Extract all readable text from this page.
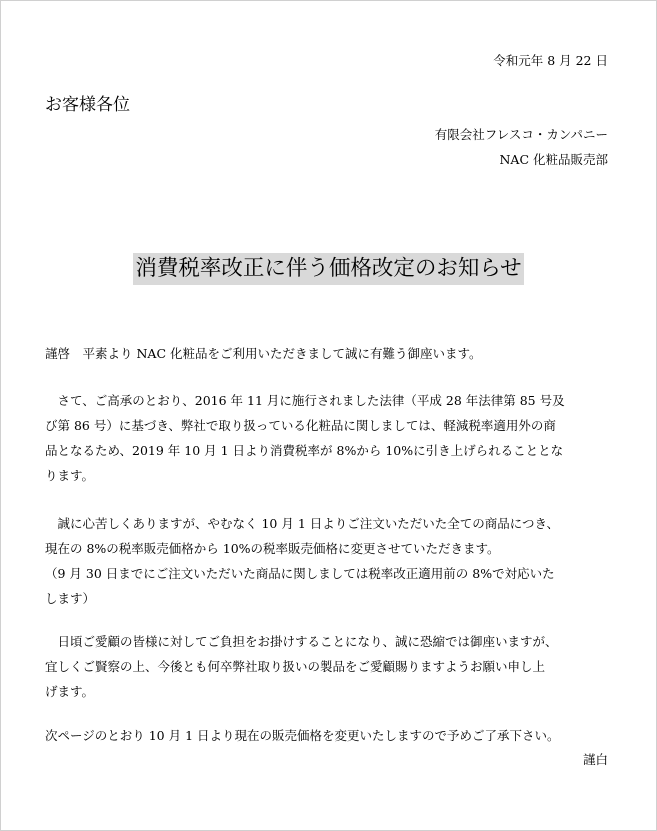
令和元年 8 月 22 日
お客様各位
有限会社フレスコ・カンパニー
NAC 化粧品販売部
消費税率改正に伴う価格改定のお知らせ
謹啓　平素より NAC 化粧品をご利用いただきまして誠に有難う御座います。
　さて、ご高承のとおり、2016 年 11 月に施行されました法律（平成 28 年法律第 85 号及
び第 86 号）に基づき、弊社で取り扱っている化粧品に関しましては、軽減税率適用外の商
品となるため、2019 年 10 月 1 日より消費税率が 8%から 10%に引き上げられることとな
ります。
　誠に心苦しくありますが、やむなく 10 月 1 日よりご注文いただいた全ての商品につき、
現在の 8%の税率販売価格から 10%の税率販売価格に変更させていただきます。
（9 月 30 日までにご注文いただいた商品に関しましては税率改正適用前の 8%で対応いた
します）
　日頃ご愛顧の皆様に対してご負担をお掛けすることになり、誠に恐縮では御座いますが、
宜しくご賢察の上、今後とも何卒弊社取り扱いの製品をご愛顧賜りますようお願い申し上
げます。
次ページのとおり 10 月 1 日より現在の販売価格を変更いたしますので予めご了承下さい。
謹白
